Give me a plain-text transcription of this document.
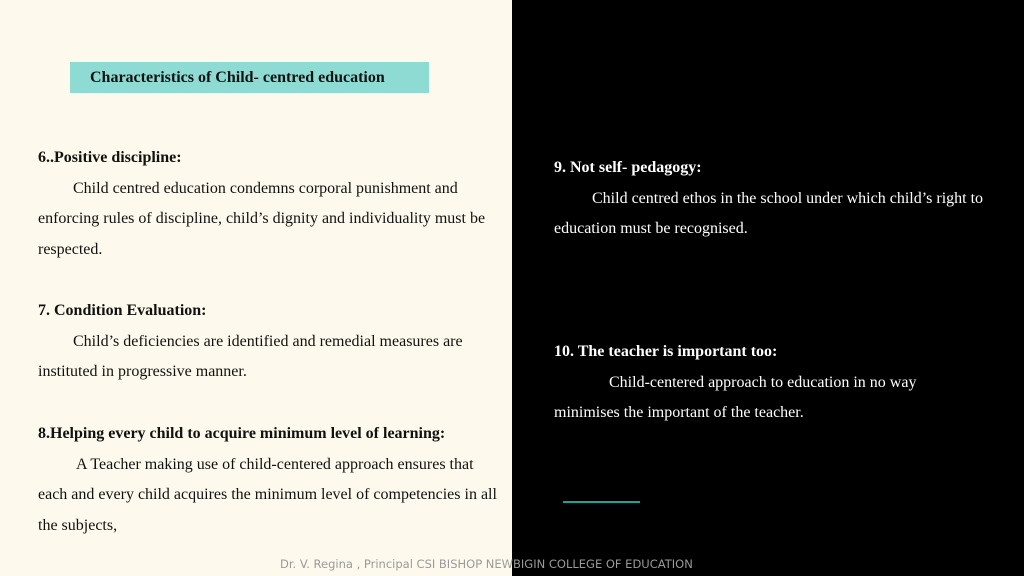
Characteristics of Child- centred education
6..Positive discipline:
Child centred education condemns corporal punishment and enforcing rules of discipline, child’s dignity and individuality must be respected.
7. Condition Evaluation:
Child’s deficiencies are identified and remedial measures are instituted in progressive manner.
8.Helping every child to acquire minimum level of learning:
A Teacher making use of child-centered approach ensures that each and every child acquires the minimum level of competencies in all the subjects,
9. Not self- pedagogy:
Child centred ethos in the school under which child’s right to education must be recognised.
10. The teacher is important too:
Child-centered approach to education in no way minimises the important of the teacher.
Dr. V. Regina , Principal CSI BISHOP NEWBIGIN COLLEGE OF EDUCATION
